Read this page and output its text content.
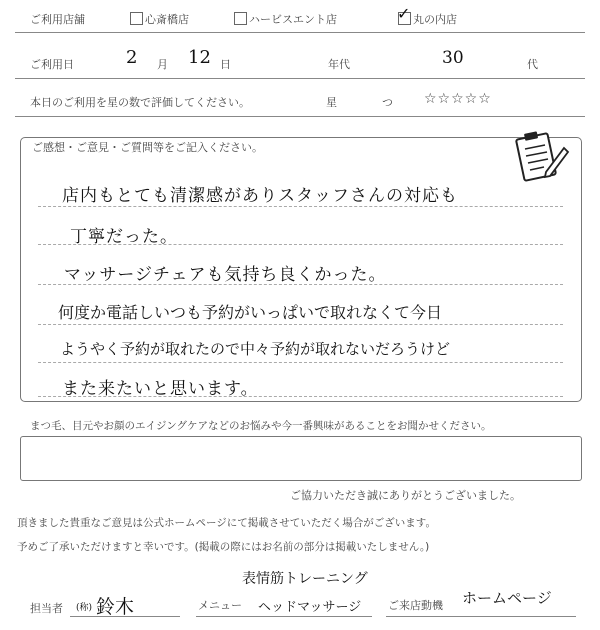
ご利用店舗	心斎橋店	ハービスエント店	✓ 丸の内店
ご利用日	2 月 12 日	年代	30	代
本日のご利用を星の数で評価してください。	星	つ ☆☆☆☆☆
ご感想・ご意見・ご質問等をご記入ください。
店内もとても清潔感がありスタッフさんの対応も
丁寧だった。
マッサージチェアも気持ち良くかった。
何度か電話しいつも予約がいっぱいで取れなくて今日
ようやく予約が取れたので中々予約が取れないだろうけど
また来たいと思います。
まつ毛、目元やお顔のエイジングケアなどのお悩みや今一番興味があることをお聞かせください。
ご協力いただき誠にありがとうございました。
頂きました貴重なご意見は公式ホームページにて掲載させていただく場合がございます。
予めご了承いただけますと幸いです。(掲載の際にはお名前の部分は掲載いたしません。)
担当者 (称) 鈴木
表情筋トレーニング
メニュー ヘッドマッサージ ご来店動機 ホームページ
